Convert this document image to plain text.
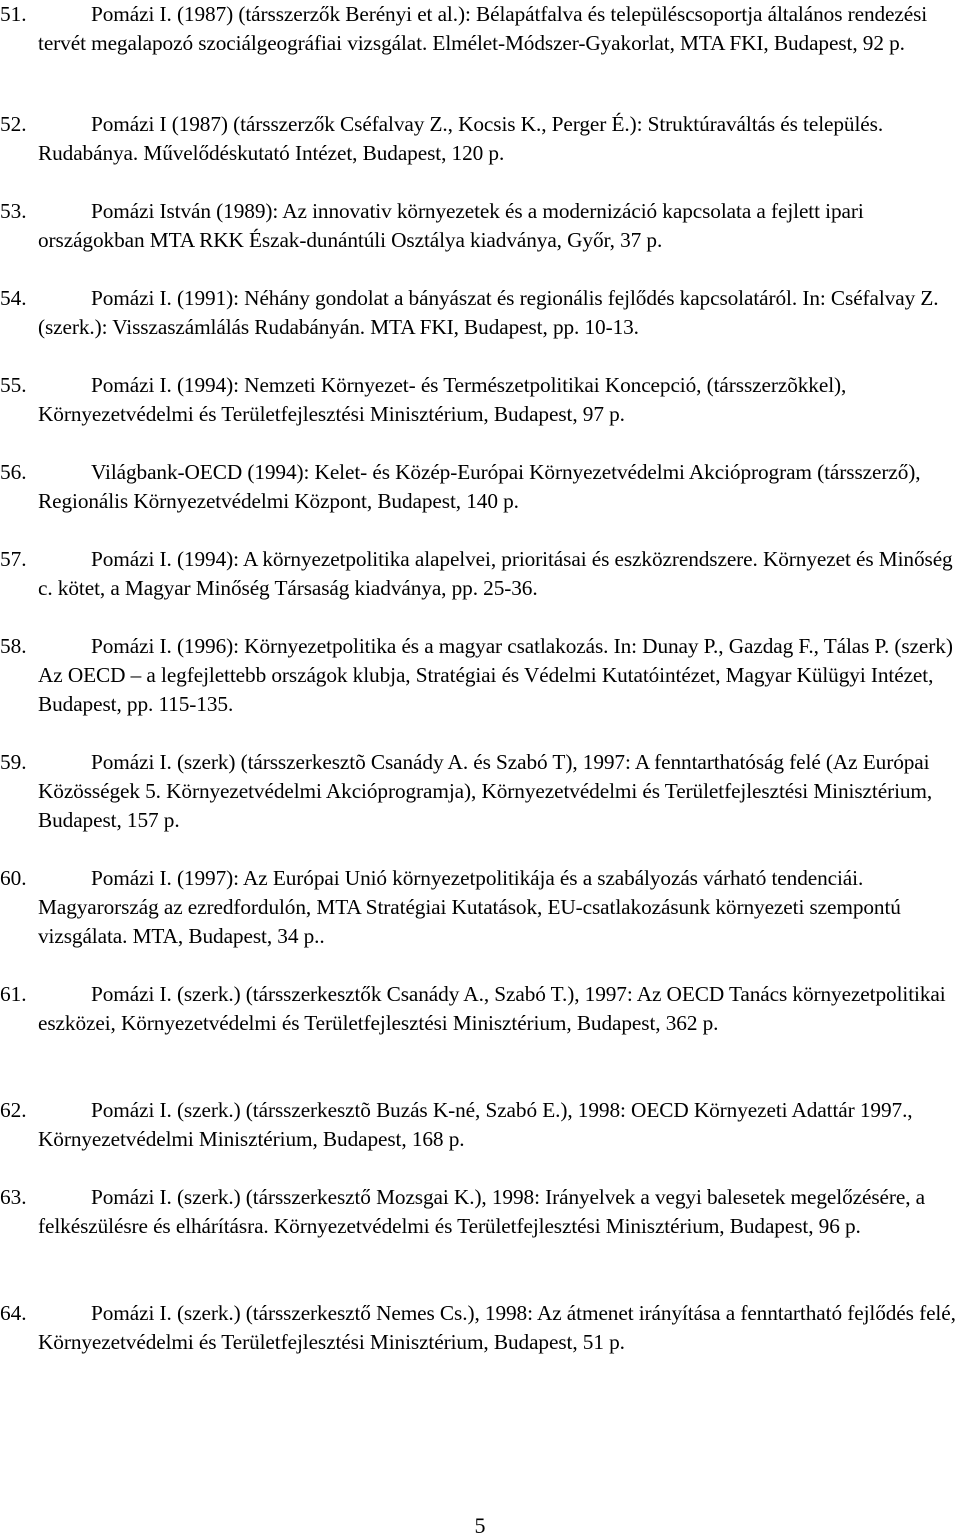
51.	Pomázi I. (1987) (társszerzők Berényi et al.): Bélapátfalva és településcsoportja általános rendezési tervét megalapozó szociálgeográfiai vizsgálat. Elmélet-Módszer-Gyakorlat, MTA FKI, Budapest, 92 p.
52.	Pomázi I (1987) (társszerzők Cséfalvay Z., Kocsis K., Perger É.): Struktúraváltás és település. Rudabánya. Művelődéskutató Intézet, Budapest, 120 p.
53.	Pomázi István (1989): Az innovativ környezetek és a modernizáció kapcsolata a fejlett ipari országokban MTA RKK Észak-dunántúli Osztálya kiadványa, Győr, 37 p.
54.	Pomázi I. (1991): Néhány gondolat a bányászat és regionális fejlődés kapcsolatáról. In: Cséfalvay Z. (szerk.): Visszaszámlálás Rudabányán. MTA FKI, Budapest, pp. 10-13.
55.	Pomázi I. (1994): Nemzeti Környezet- és Természetpolitikai Koncepció, (társszerzõkkel), Környezetvédelmi és Területfejlesztési Minisztérium, Budapest, 97 p.
56.	Világbank-OECD (1994): Kelet- és Közép-Európai Környezetvédelmi Akcióprogram (társszerző), Regionális Környezetvédelmi Központ, Budapest, 140 p.
57.	Pomázi I. (1994): A környezetpolitika alapelvei, prioritásai és eszközrendszere. Környezet és Minőség c. kötet, a Magyar Minőség Társaság kiadványa, pp. 25-36.
58.	Pomázi I. (1996): Környezetpolitika és a magyar csatlakozás. In: Dunay P., Gazdag F., Tálas P. (szerk) Az OECD – a legfejlettebb országok klubja, Stratégiai és Védelmi Kutatóintézet, Magyar Külügyi Intézet, Budapest, pp. 115-135.
59.	Pomázi I. (szerk) (társszerkesztõ Csanády A. és Szabó T), 1997: A fenntarthatóság felé (Az Európai Közösségek 5. Környezetvédelmi Akcióprogramja), Környezetvédelmi és Területfejlesztési Minisztérium, Budapest, 157 p.
60.	Pomázi I. (1997): Az Európai Unió környezetpolitikája és a szabályozás várható tendenciái. Magyarország az ezredfordulón, MTA Stratégiai Kutatások, EU-csatlakozásunk környezeti szempontú vizsgálata. MTA, Budapest, 34 p..
61.	Pomázi I. (szerk.) (társszerkesztők Csanády A., Szabó T.), 1997: Az OECD Tanács környezetpolitikai eszközei, Környezetvédelmi és Területfejlesztési Minisztérium, Budapest, 362 p.
62.	Pomázi I. (szerk.) (társszerkesztõ Buzás K-né, Szabó E.), 1998: OECD Környezeti Adattár 1997., Környezetvédelmi Minisztérium, Budapest, 168 p.
63.	Pomázi I. (szerk.) (társszerkesztő Mozsgai K.), 1998: Irányelvek a vegyi balesetek megelőzésére, a felkészülésre és elhárításra. Környezetvédelmi és Területfejlesztési Minisztérium, Budapest, 96 p.
64.	Pomázi I. (szerk.) (társszerkesztő Nemes Cs.), 1998: Az átmenet irányítása a fenntartható fejlődés felé, Környezetvédelmi és Területfejlesztési Minisztérium, Budapest, 51 p.
5
